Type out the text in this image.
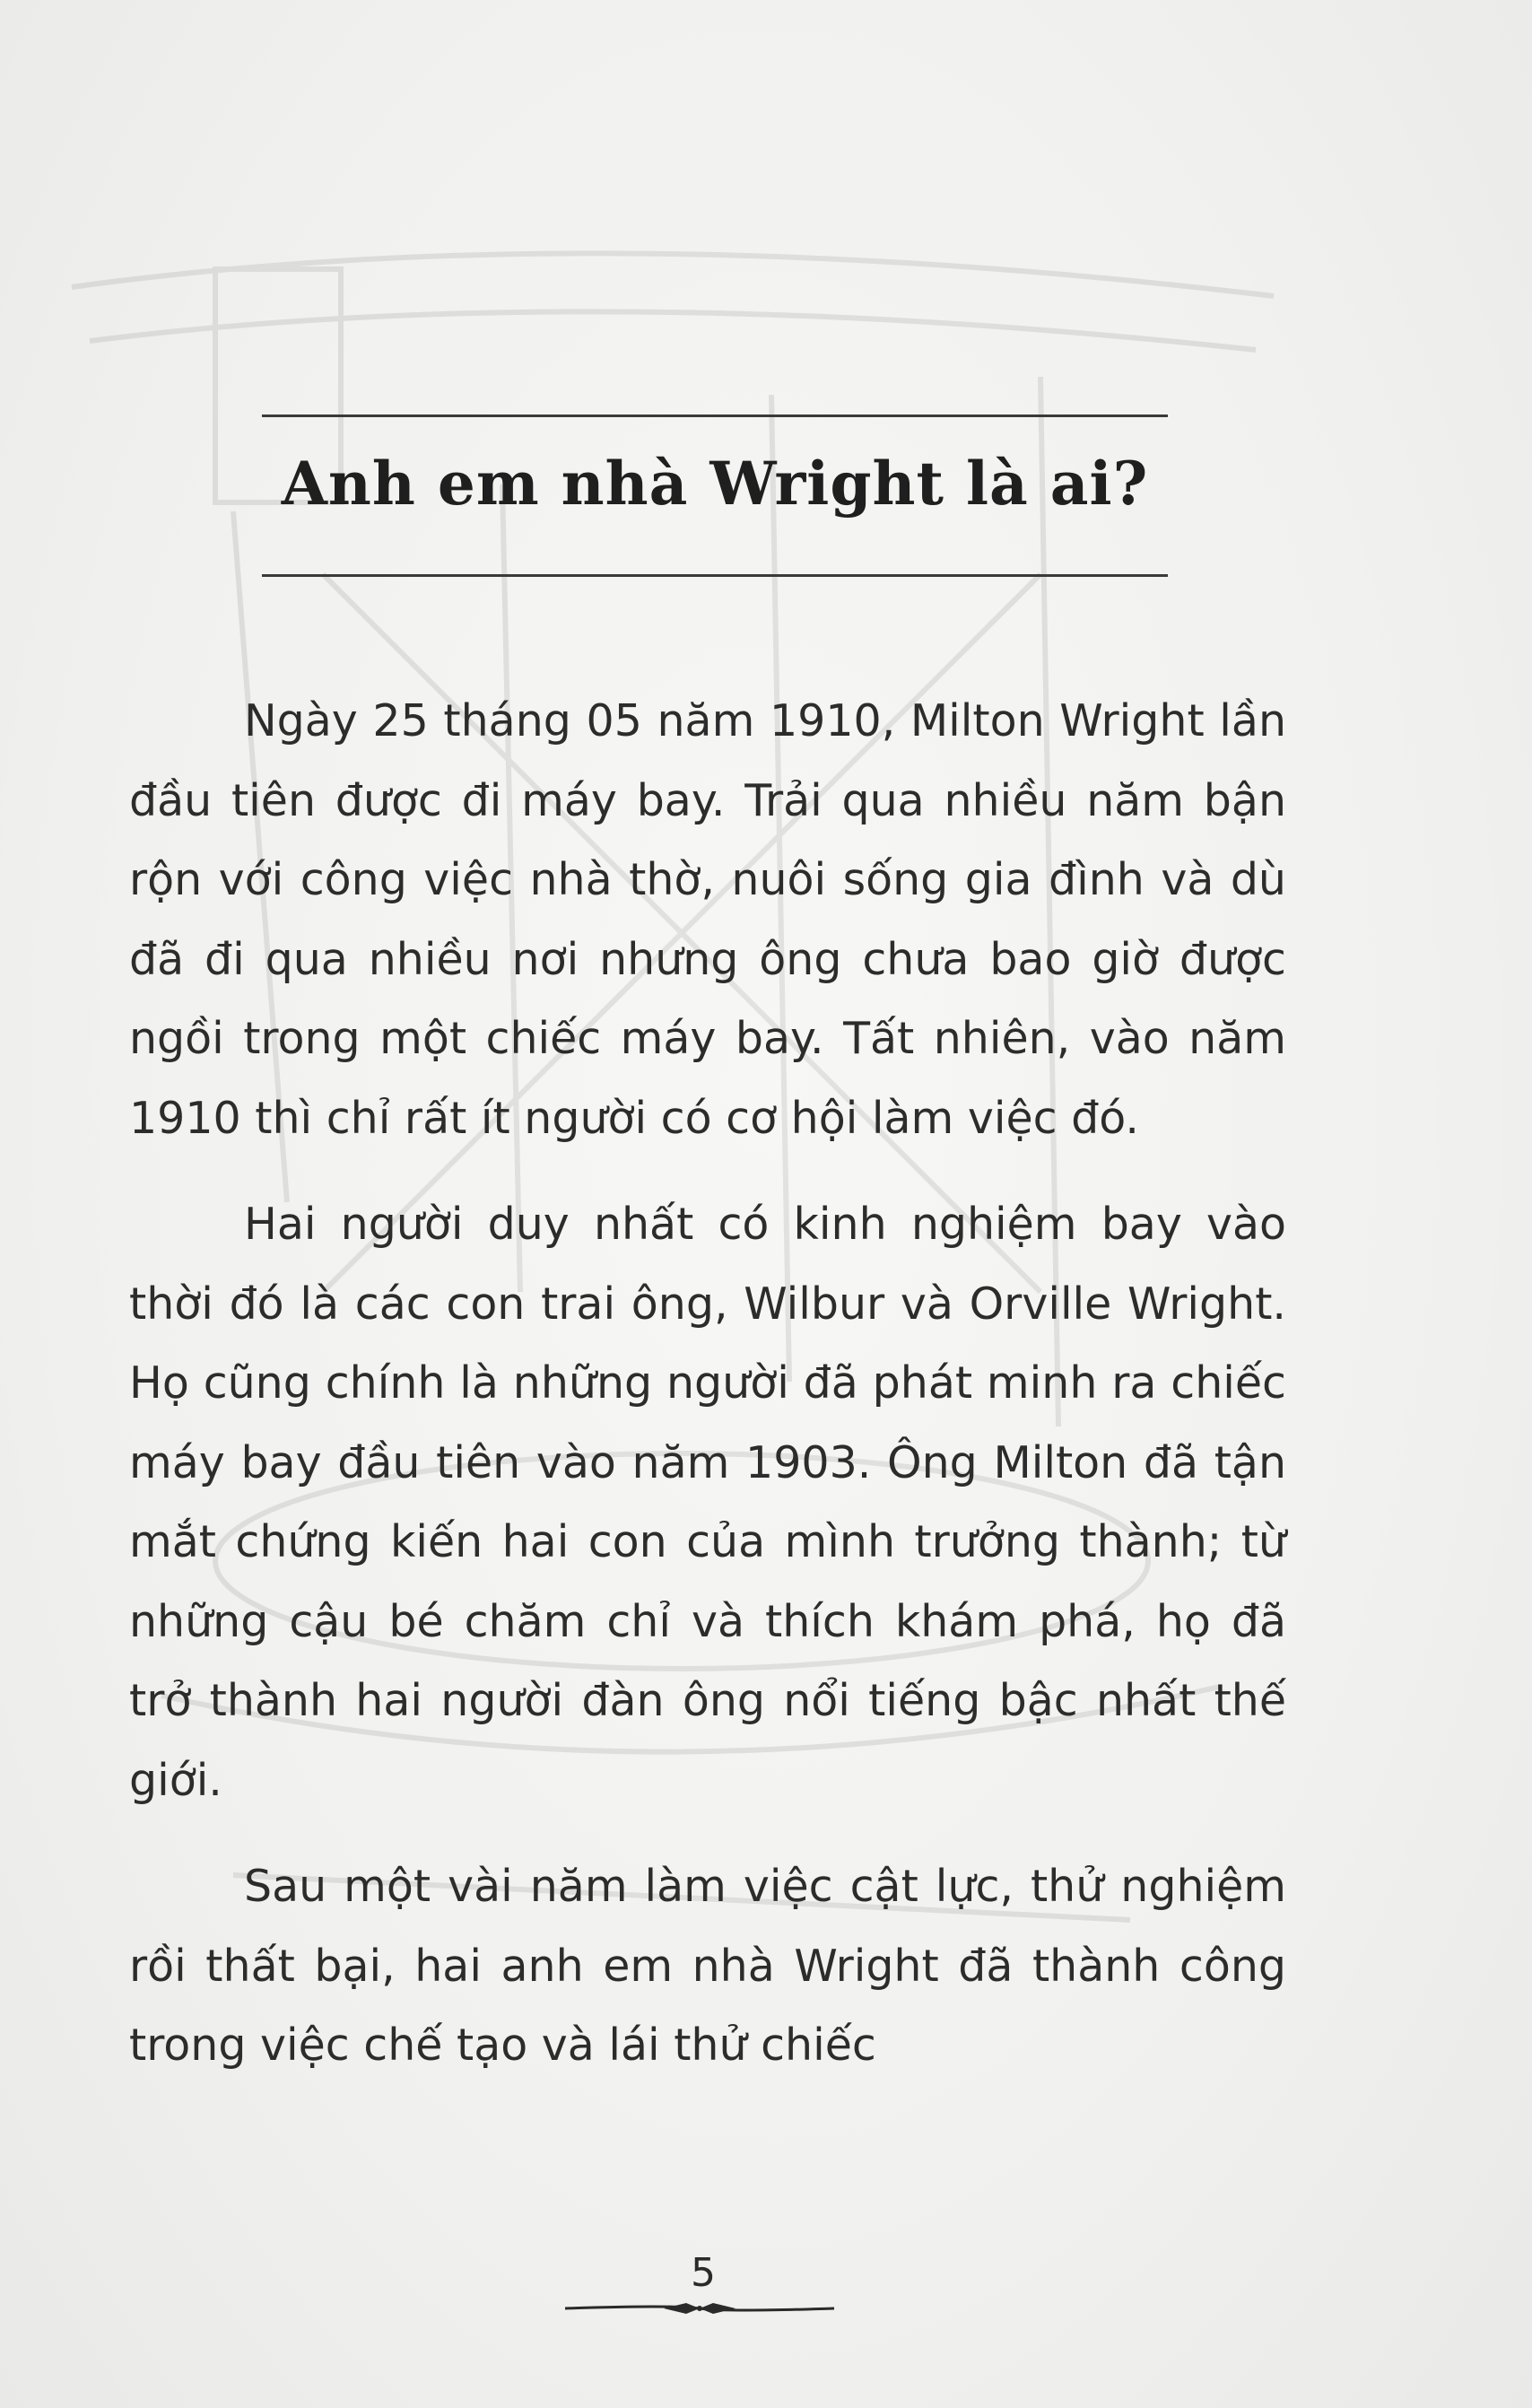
Anh em nhà Wright là ai?

Ngày 25 tháng 05 năm 1910, Milton Wright lần đầu tiên được đi máy bay. Trải qua nhiều năm bận rộn với công việc nhà thờ, nuôi sống gia đình và dù đã đi qua nhiều nơi nhưng ông chưa bao giờ được ngồi trong một chiếc máy bay. Tất nhiên, vào năm 1910 thì chỉ rất ít người có cơ hội làm việc đó.

Hai người duy nhất có kinh nghiệm bay vào thời đó là các con trai ông, Wilbur và Orville Wright. Họ cũng chính là những người đã phát minh ra chiếc máy bay đầu tiên vào năm 1903. Ông Milton đã tận mắt chứng kiến hai con của mình trưởng thành; từ những cậu bé chăm chỉ và thích khám phá, họ đã trở thành hai người đàn ông nổi tiếng bậc nhất thế giới.

Sau một vài năm làm việc cật lực, thử nghiệm rồi thất bại, hai anh em nhà Wright đã thành công trong việc chế tạo và lái thử chiếc

5
